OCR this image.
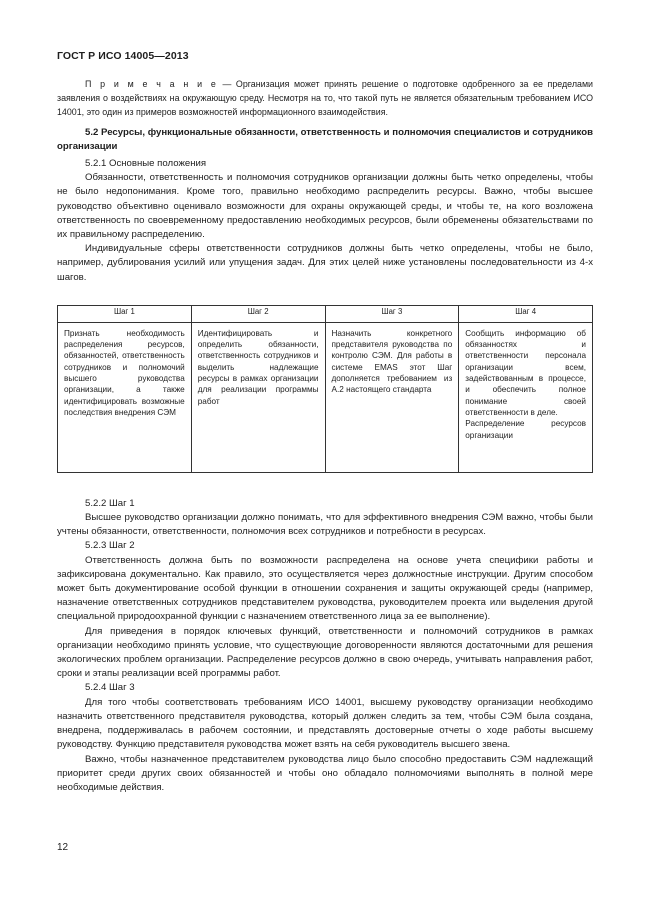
ГОСТ Р ИСО 14005—2013

П р и м е ч а н и е — Организация может принять решение о подготовке одобренного за ее пределами заявления о воздействиях на окружающую среду. Несмотря на то, что такой путь не является обязательным требованием ИСО 14001, это один из примеров возможностей информационного взаимодействия.

5.2 Ресурсы, функциональные обязанности, ответственность и полномочия специалистов и сотрудников организации

5.2.1 Основные положения

Обязанности, ответственность и полномочия сотрудников организации должны быть четко определены, чтобы не было недопонимания. Кроме того, правильно необходимо распределить ресурсы. Важно, чтобы высшее руководство объективно оценивало возможности для охраны окружающей среды, и чтобы те, на кого возложена ответственность по своевременному предоставлению необходимых ресурсов, были обременены обязательствами по их правильному распределению.

Индивидуальные сферы ответственности сотрудников должны быть четко определены, чтобы не было, например, дублирования усилий или упущения задач. Для этих целей ниже установлены последовательности из 4-х шагов.

Шаг 1	Шаг 2	Шаг 3	Шаг 4
Признать необходимость распределения ресурсов, обязанностей, ответственность сотрудников и полномочий высшего руководства организации, а также идентифицировать возможные последствия внедрения СЭМ	Идентифицировать и определить обязанности, ответственность сотрудников и выделить надлежащие ресурсы в рамках организации для реализации программы работ	Назначить конкретного представителя руководства по контролю СЭМ. Для работы в системе EMAS этот Шаг дополняется требованием из А.2 настоящего стандарта	Сообщить информацию об обязанностях и ответственности персонала организации всем, задействованным в процессе, и обеспечить полное понимание своей ответственности в деле.
Распределение ресурсов организации

5.2.2 Шаг 1

Высшее руководство организации должно понимать, что для эффективного внедрения СЭМ важно, чтобы были учтены обязанности, ответственности, полномочия всех сотрудников и потребности в ресурсах.

5.2.3 Шаг 2

Ответственность должна быть по возможности распределена на основе учета специфики работы и зафиксирована документально. Как правило, это осуществляется через должностные инструкции. Другим способом может быть документирование особой функции в отношении сохранения и защиты окружающей среды (например, назначение ответственных сотрудников представителем руководства, руководителем проекта или выделения другой специальной природоохранной функции с назначением ответственного лица за ее выполнение).

Для приведения в порядок ключевых функций, ответственности и полномочий сотрудников в рамках организации необходимо принять условие, что существующие договоренности являются достаточными для решения экологических проблем организации. Распределение ресурсов должно в свою очередь, учитывать направления работ, сроки и этапы реализации всей программы работ.

5.2.4 Шаг 3

Для того чтобы соответствовать требованиям ИСО 14001, высшему руководству организации необходимо назначить ответственного представителя руководства, который должен следить за тем, чтобы СЭМ была создана, внедрена, поддерживалась в рабочем состоянии, и представлять достоверные отчеты о ходе работы высшему руководству. Функцию представителя руководства может взять на себя руководитель высшего звена.

Важно, чтобы назначенное представителем руководства лицо было способно предоставить СЭМ надлежащий приоритет среди других своих обязанностей и чтобы оно обладало полномочиями выполнять в полной мере необходимые действия.

12
